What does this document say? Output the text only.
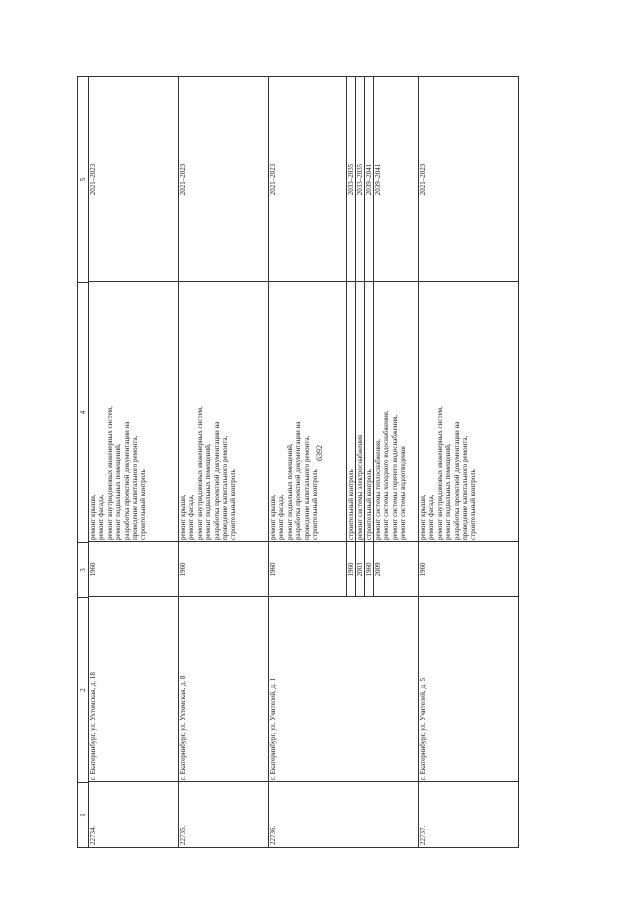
6392
1
2
3
4
5
22734.
г. Екатеринбург, ул. Ухтомская, д. 18
1960
ремонт крыши, ремонт фасада, ремонт внутридомовых инженерных систем, ремонт подвальных помещений, разработка проектной документации на проведение капитального ремонта, строительный контроль
2021–2023
22735.
г. Екатеринбург, ул. Ухтомская, д. 8
1960
ремонт крыши, ремонт фасада, ремонт внутридомовых инженерных систем, ремонт подвальных помещений, разработка проектной документации на проведение капитального ремонта, строительный контроль
2021–2023
22736.
г. Екатеринбург, ул. Учителей, д. 1
1960
ремонт крыши, ремонт фасада, ремонт подвальных помещений, разработка проектной документации на проведение капитального ремонта, строительный контроль
2021–2023
1960
строительный контроль
2033–2035
2003
ремонт системы электроснабжения
2033–2035
1960
строительный контроль
2039–2041
2009
ремонт системы теплоснабжения, ремонт системы холодного водоснабжения, ремонт системы горячего водоснабжения, ремонт системы водоотведения
2039–2041
22737.
г. Екатеринбург, ул. Учителей, д. 5
1960
ремонт крыши, ремонт фасада, ремонт внутридомовых инженерных систем, ремонт подвальных помещений, разработка проектной документации на проведение капитального ремонта, строительный контроль
2021–2023
